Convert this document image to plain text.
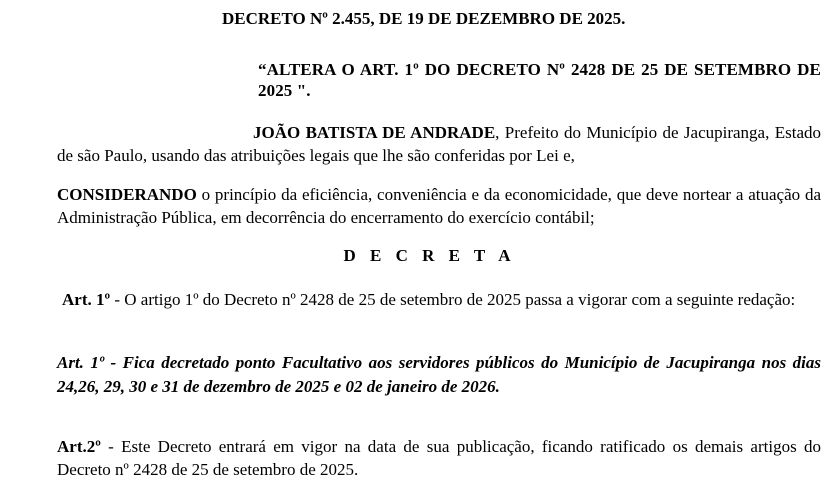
DECRETO Nº 2.455, DE 19 DE DEZEMBRO DE 2025.
“ALTERA O ART. 1º DO DECRETO Nº 2428 DE 25 DE SETEMBRO DE 2025 ".

JOÃO BATISTA DE ANDRADE, Prefeito do Município de Jacupiranga, Estado de são Paulo, usando das atribuições legais que lhe são conferidas por Lei e,

CONSIDERANDO o princípio da eficiência, conveniência e da economicidade, que deve nortear a atuação da Administração Pública, em decorrência do encerramento do exercício contábil;

D E C R E T A

Art. 1º - O artigo 1º do Decreto nº 2428 de 25 de setembro de 2025 passa a vigorar com a seguinte redação:

Art. 1º - Fica decretado ponto Facultativo aos servidores públicos do Município de Jacupiranga nos dias 24,26, 29, 30 e 31 de dezembro de 2025 e 02 de janeiro de 2026.

Art.2º - Este Decreto entrará em vigor na data de sua publicação, ficando ratificado os demais artigos do Decreto nº 2428 de 25 de setembro de 2025.
